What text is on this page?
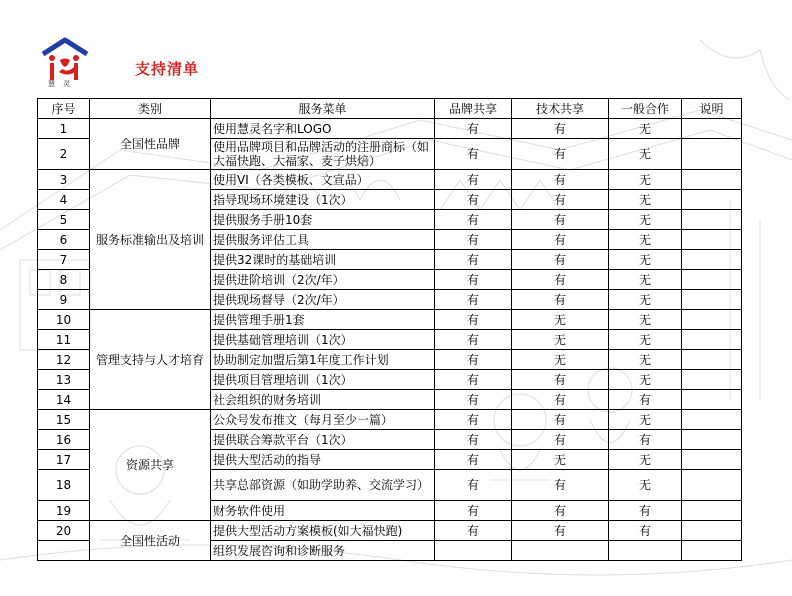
慧灵
支持清单
序号	类别	服务菜单	品牌共享	技术共享	一般合作	说明
1	全国性品牌	使用慧灵名字和LOGO	有	有	无	
2		使用品牌项目和品牌活动的注册商标（如大福快跑、大福家、麦子烘焙）	有	有	无	
3	服务标准输出及培训	使用VI（各类模板、文宣品）	有	有	无	
4		指导现场环境建设（1次）	有	有	无	
5		提供服务手册10套	有	有	无	
6		提供服务评估工具	有	有	无	
7		提供32课时的基础培训	有	有	无	
8		提供进阶培训（2次/年）	有	有	无	
9		提供现场督导（2次/年）	有	有	无	
10	管理支持与人才培育	提供管理手册1套	有	无	无	
11		提供基础管理培训（1次）	有	无	无	
12		协助制定加盟后第1年度工作计划	有	无	无	
13		提供项目管理培训（1次）	有	有	无	
14		社会组织的财务培训	有	有	有	
15	资源共享	公众号发布推文（每月至少一篇）	有	有	无	
16		提供联合筹款平台（1次）	有	有	有	
17		提供大型活动的指导	有	无	无	
18		共享总部资源（如助学助养、交流学习）	有	有	无	
19		财务软件使用	有	有	有	
20	全国性活动	提供大型活动方案模板(如大福快跑)	有	有	有	
		组织发展咨询和诊断服务				
